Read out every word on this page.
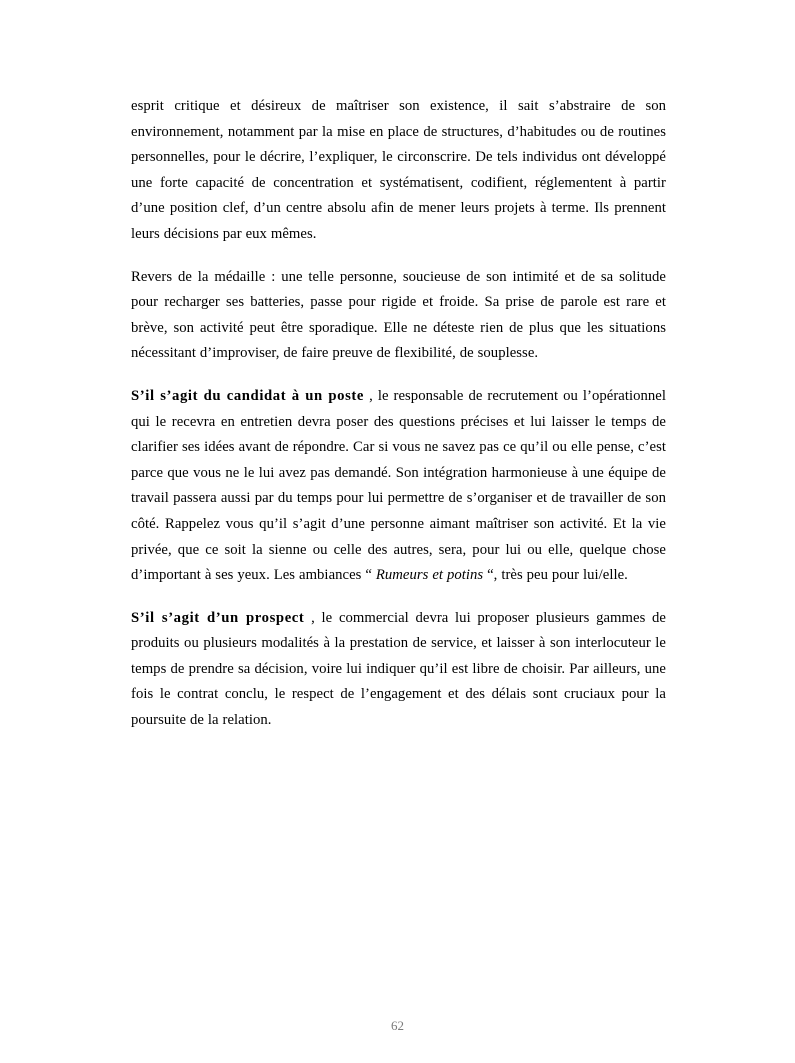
esprit critique et désireux de maîtriser son existence, il sait s’abstraire de son environnement, notamment par la mise en place de structures, d’habitudes ou de routines personnelles, pour le décrire, l’expliquer, le circonscrire. De tels individus ont développé une forte capacité de concentration et systématisent, codifient, réglementent à partir d’une position clef, d’un centre absolu afin de mener leurs projets à terme. Ils prennent leurs décisions par eux mêmes.

Revers de la médaille : une telle personne, soucieuse de son intimité et de sa solitude pour recharger ses batteries, passe pour rigide et froide. Sa prise de parole est rare et brève, son activité peut être sporadique. Elle ne déteste rien de plus que les situations nécessitant d’improviser, de faire preuve de flexibilité, de souplesse.

S’il s’agit du candidat à un poste , le responsable de recrutement ou l’opérationnel qui le recevra en entretien devra poser des questions précises et lui laisser le temps de clarifier ses idées avant de répondre. Car si vous ne savez pas ce qu’il ou elle pense, c’est parce que vous ne le lui avez pas demandé. Son intégration harmonieuse à une équipe de travail passera aussi par du temps pour lui permettre de s’organiser et de travailler de son côté. Rappelez vous qu’il s’agit d’une personne aimant maîtriser son activité. Et la vie privée, que ce soit la sienne ou celle des autres, sera, pour lui ou elle, quelque chose d’important à ses yeux. Les ambiances “ Rumeurs et potins “, très peu pour lui/elle.

S’il s’agit d’un prospect , le commercial devra lui proposer plusieurs gammes de produits ou plusieurs modalités à la prestation de service, et laisser à son interlocuteur le temps de prendre sa décision, voire lui indiquer qu’il est libre de choisir. Par ailleurs, une fois le contrat conclu, le respect de l’engagement et des délais sont cruciaux pour la poursuite de la relation.

62
